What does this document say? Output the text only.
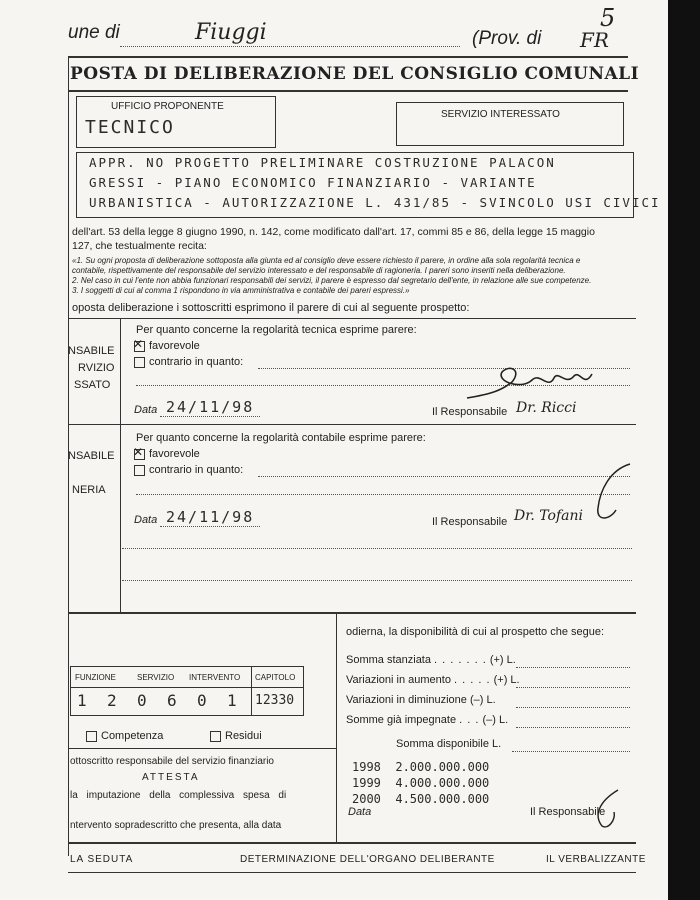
une di	Fiuggi	(Prov. di FR
5
POSTA DI DELIBERAZIONE DEL CONSIGLIO COMUNALI
UFFICIO PROPONENTE
TECNICO
SERVIZIO INTERESSATO
APPR. NO PROGETTO PRELIMINARE COSTRUZIONE PALACON
GRESSI - PIANO ECONOMICO FINANZIARIO - VARIANTE
URBANISTICA - AUTORIZZAZIONE L. 431/85 - SVINCOLO USI CIVICI
dell'art. 53 della legge 8 giugno 1990, n. 142, come modificato dall'art. 17, commi 85 e 86, della legge 15 maggio
127, che testualmente recita:
«1. Su ogni proposta di deliberazione sottoposta alla giunta ed al consiglio deve essere richiesto il parere, in ordine alla sola regolarità tecnica e
contabile, rispettivamente del responsabile del servizio interessato e del responsabile di ragioneria. I pareri sono inseriti nella deliberazione.
2. Nel caso in cui l'ente non abbia funzionari responsabili dei servizi, il parere è espresso dal segretario dell'ente, in relazione alle sue competenze.
3. I soggetti di cui al comma 1 rispondono in via amministrativa e contabile dei pareri espressi.»
oposta deliberazione i sottoscritti esprimono il parere di cui al seguente prospetto:
NSABILE
RVIZIO
SSATO
Per quanto concerne la regolarità tecnica esprime parere:
✕favorevole
contrario in quanto:
Data 24/11/98	Il Responsabile Dr. Ricci
NSABILE
NERIA
Per quanto concerne la regolarità contabile esprime parere:
✕favorevole
contrario in quanto:
Data 24/11/98	Il Responsabile Dr. Tofani
odierna, la disponibilità di cui al prospetto che segue:
Somma stanziata . . . . . . . (+) L.
Variazioni in aumento . . . . . (+) L.
Variazioni in diminuzione (–) L.
Somme già impegnate . . . (–) L.
Somma disponibile L.
FUNZIONE	SERVIZIO INTERVENTO CAPITOLO
1 2 0 6 0 1 12330
Competenza	Residui
ottoscritto responsabile del servizio finanziario
ATTESTA
la imputazione della complessiva spesa di
ntervento sopradescritto che presenta, alla data
1998 2.000.000.000
1999 4.000.000.000
2000 4.500.000.000
Data	Il Responsabile
LA SEDUTA	DETERMINAZIONE DELL'ORGANO DELIBERANTE	IL VERBALIZZANTE
